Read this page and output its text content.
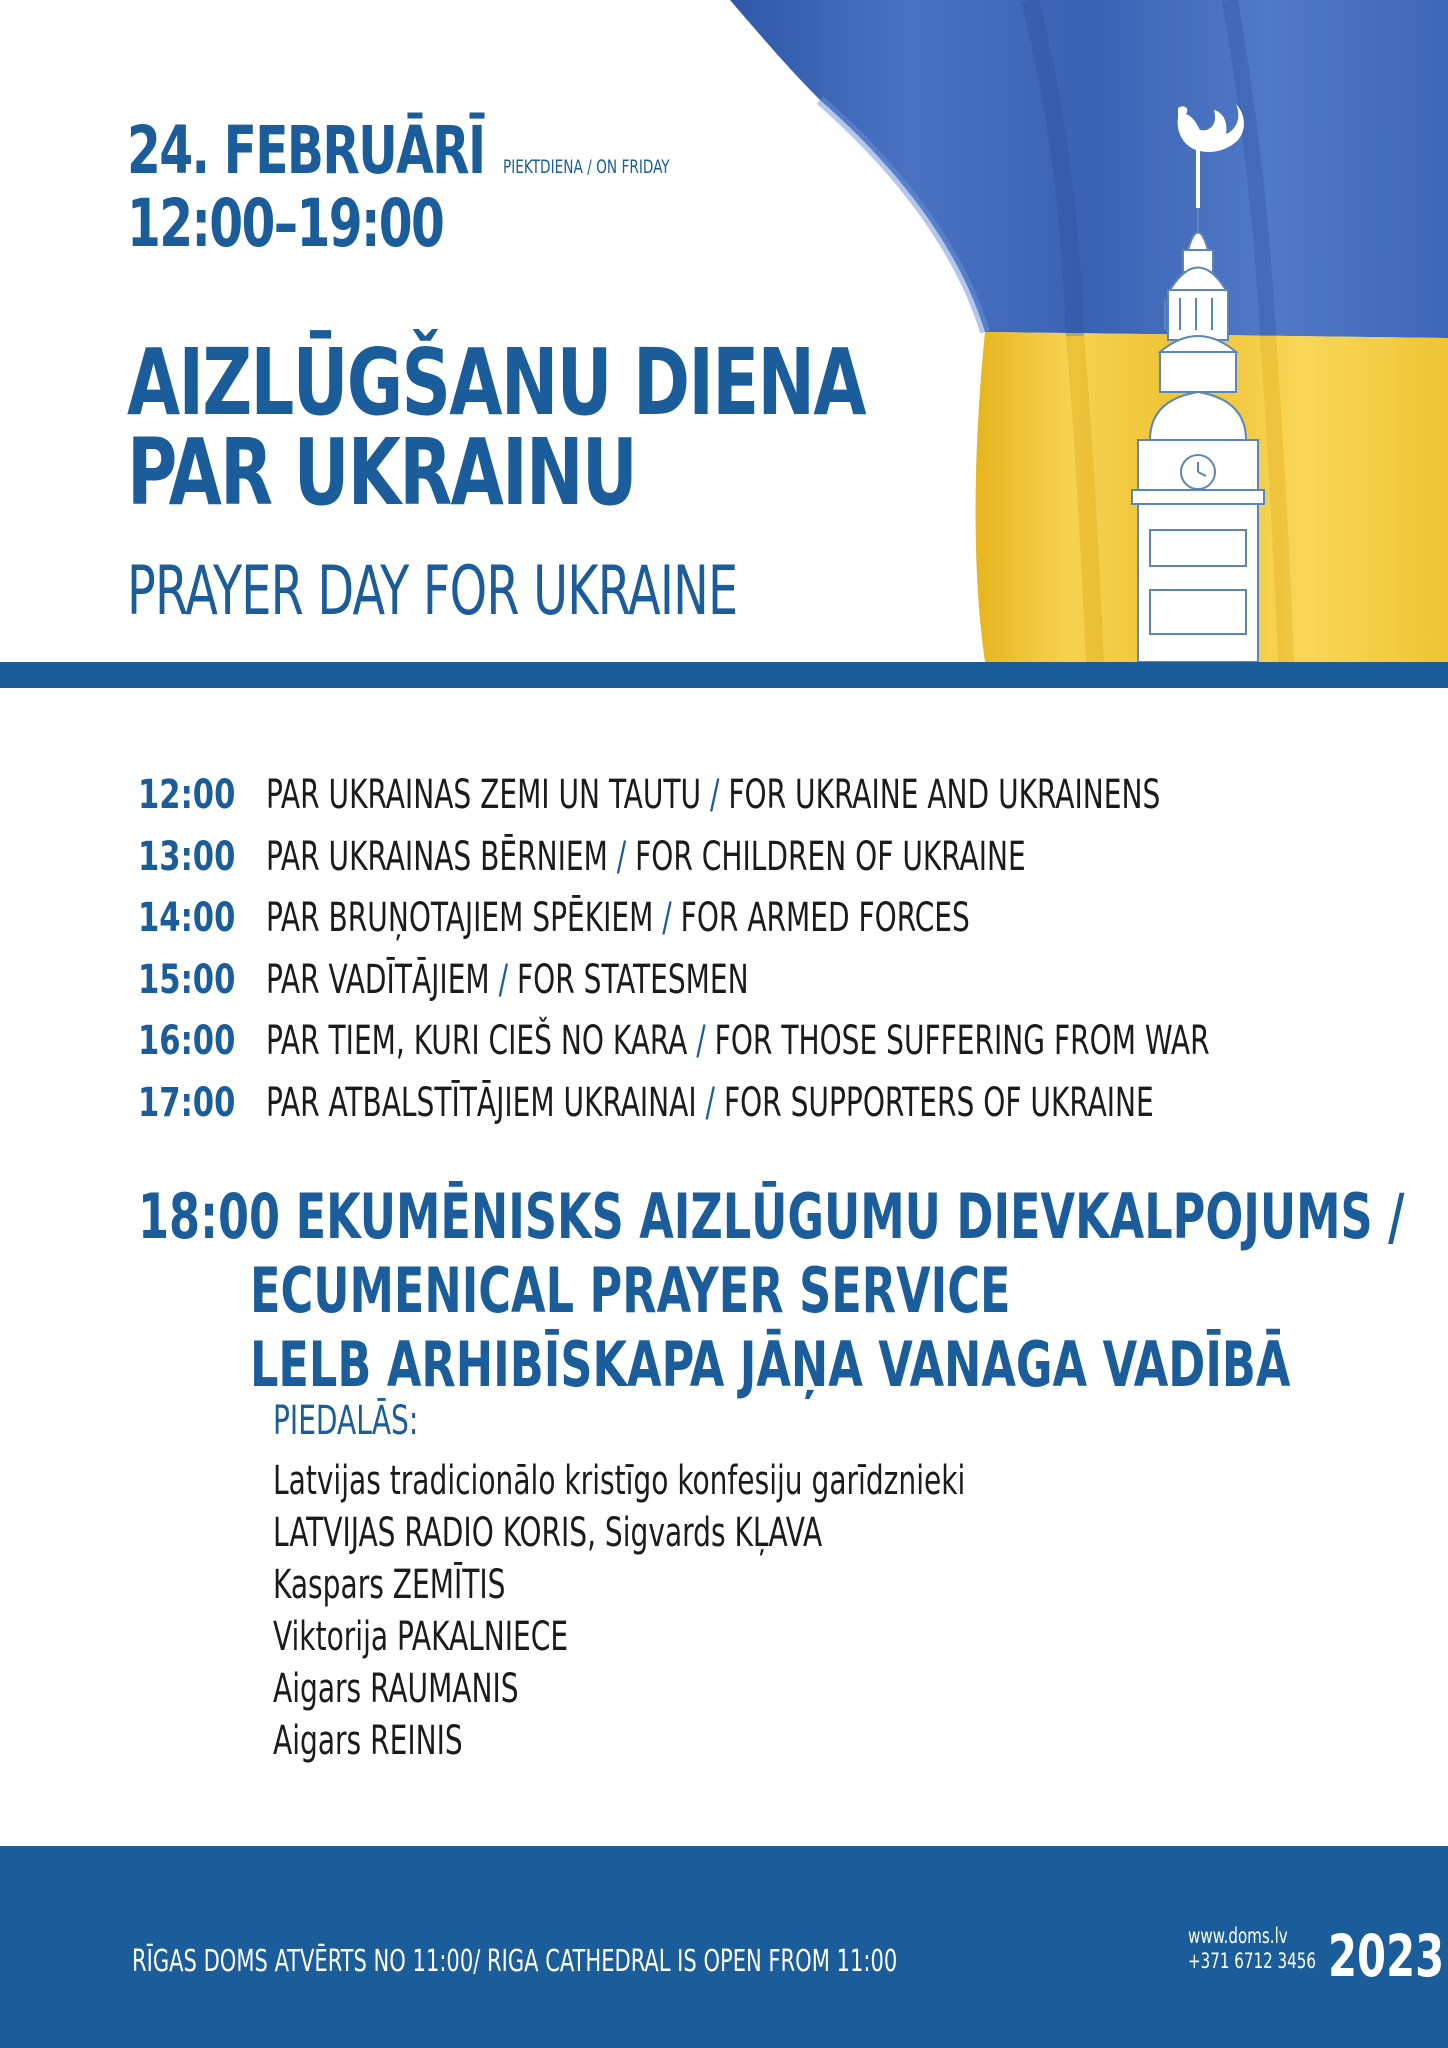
24. FEBRUĀRĪ PIEKTDIENA / ON FRIDAY
12:00–19:00
AIZLŪGŠANU DIENA
PAR UKRAINU
PRAYER DAY FOR UKRAINE
12:00 PAR UKRAINAS ZEMI UN TAUTU / FOR UKRAINE AND UKRAINENS
13:00 PAR UKRAINAS BĒRNIEM / FOR CHILDREN OF UKRAINE
14:00 PAR BRUŅOTAJIEM SPĒKIEM / FOR ARMED FORCES
15:00 PAR VADĪTĀJIEM / FOR STATESMEN
16:00 PAR TIEM, KURI CIEŠ NO KARA / FOR THOSE SUFFERING FROM WAR
17:00 PAR ATBALSTĪTĀJIEM UKRAINAI / FOR SUPPORTERS OF UKRAINE
18:00 EKUMĒNISKS AIZLŪGUMU DIEVKALPOJUMS /
ECUMENICAL PRAYER SERVICE
LELB ARHIBĪSKAPA JĀŅA VANAGA VADĪBĀ
PIEDALĀS:
Latvijas tradicionālo kristīgo konfesiju garīdznieki
LATVIJAS RADIO KORIS, Sigvards KĻAVA
Kaspars ZEMĪTIS
Viktorija PAKALNIECE
Aigars RAUMANIS
Aigars REINIS
RĪGAS DOMS ATVĒRTS NO 11:00/ RIGA CATHEDRAL IS OPEN FROM 11:00
www.doms.lv
+371 6712 3456 2023
